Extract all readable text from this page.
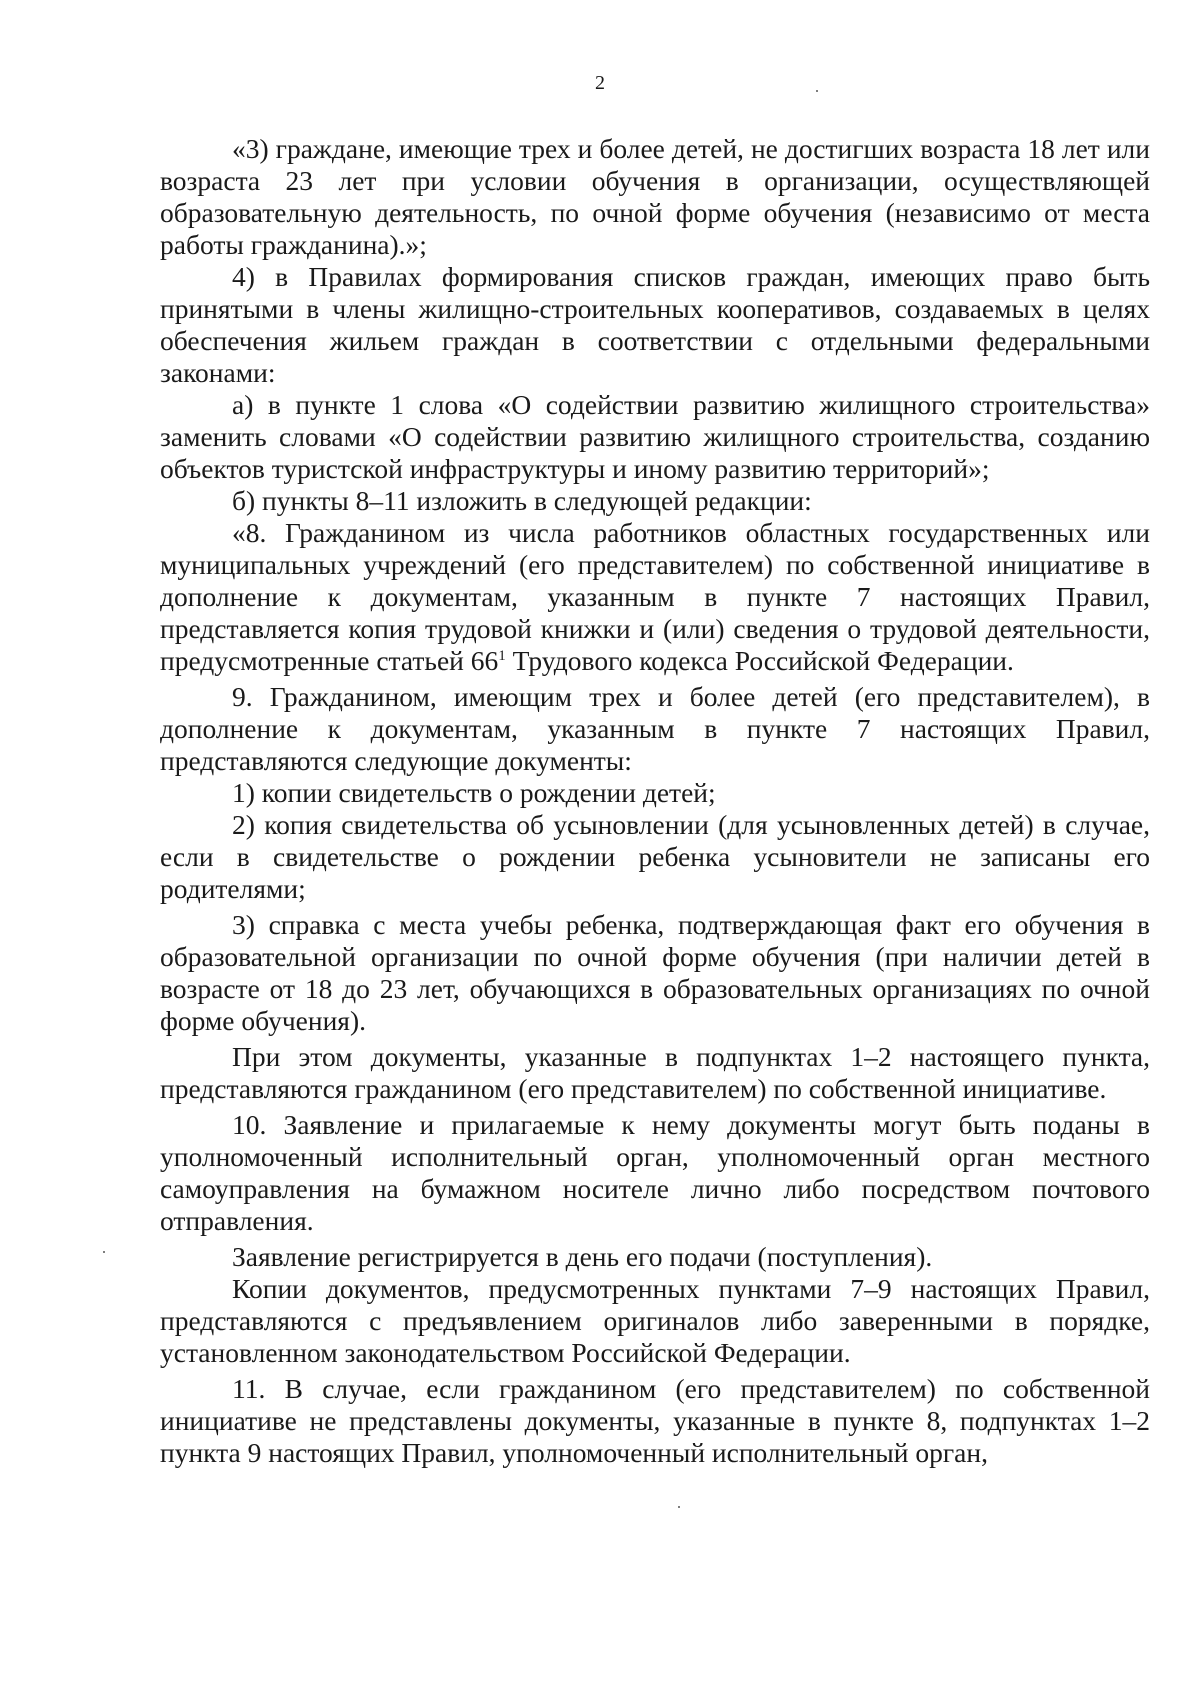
2

«3) граждане, имеющие трех и более детей, не достигших возраста 18 лет или возраста 23 лет при условии обучения в организации, осуществляющей образовательную деятельность, по очной форме обучения (независимо от места работы гражданина).»;

4) в Правилах формирования списков граждан, имеющих право быть принятыми в члены жилищно-строительных кооперативов, создаваемых в целях обеспечения жильем граждан в соответствии с отдельными федеральными законами:

а) в пункте 1 слова «О содействии развитию жилищного строительства» заменить словами «О содействии развитию жилищного строительства, созданию объектов туристской инфраструктуры и иному развитию территорий»;

б) пункты 8–11 изложить в следующей редакции:

«8. Гражданином из числа работников областных государственных или муниципальных учреждений (его представителем) по собственной инициативе в дополнение к документам, указанным в пункте 7 настоящих Правил, представляется копия трудовой книжки и (или) сведения о трудовой деятельности, предусмотренные статьей $66^1$ Трудового кодекса Российской Федерации.

9. Гражданином, имеющим трех и более детей (его представителем), в дополнение к документам, указанным в пункте 7 настоящих Правил, представляются следующие документы:

1) копии свидетельств о рождении детей;

2) копия свидетельства об усыновлении (для усыновленных детей) в случае, если в свидетельстве о рождении ребенка усыновители не записаны его родителями;

3) справка с места учебы ребенка, подтверждающая факт его обучения в образовательной организации по очной форме обучения (при наличии детей в возрасте от 18 до 23 лет, обучающихся в образовательных организациях по очной форме обучения).

При этом документы, указанные в подпунктах 1–2 настоящего пункта, представляются гражданином (его представителем) по собственной инициативе.

10. Заявление и прилагаемые к нему документы могут быть поданы в уполномоченный исполнительный орган, уполномоченный орган местного самоуправления на бумажном носителе лично либо посредством почтового отправления.

Заявление регистрируется в день его подачи (поступления).

Копии документов, предусмотренных пунктами 7–9 настоящих Правил, представляются с предъявлением оригиналов либо заверенными в порядке, установленном законодательством Российской Федерации.

11. В случае, если гражданином (его представителем) по собственной инициативе не представлены документы, указанные в пункте 8, подпунктах 1–2 пункта 9 настоящих Правил, уполномоченный исполнительный орган,
